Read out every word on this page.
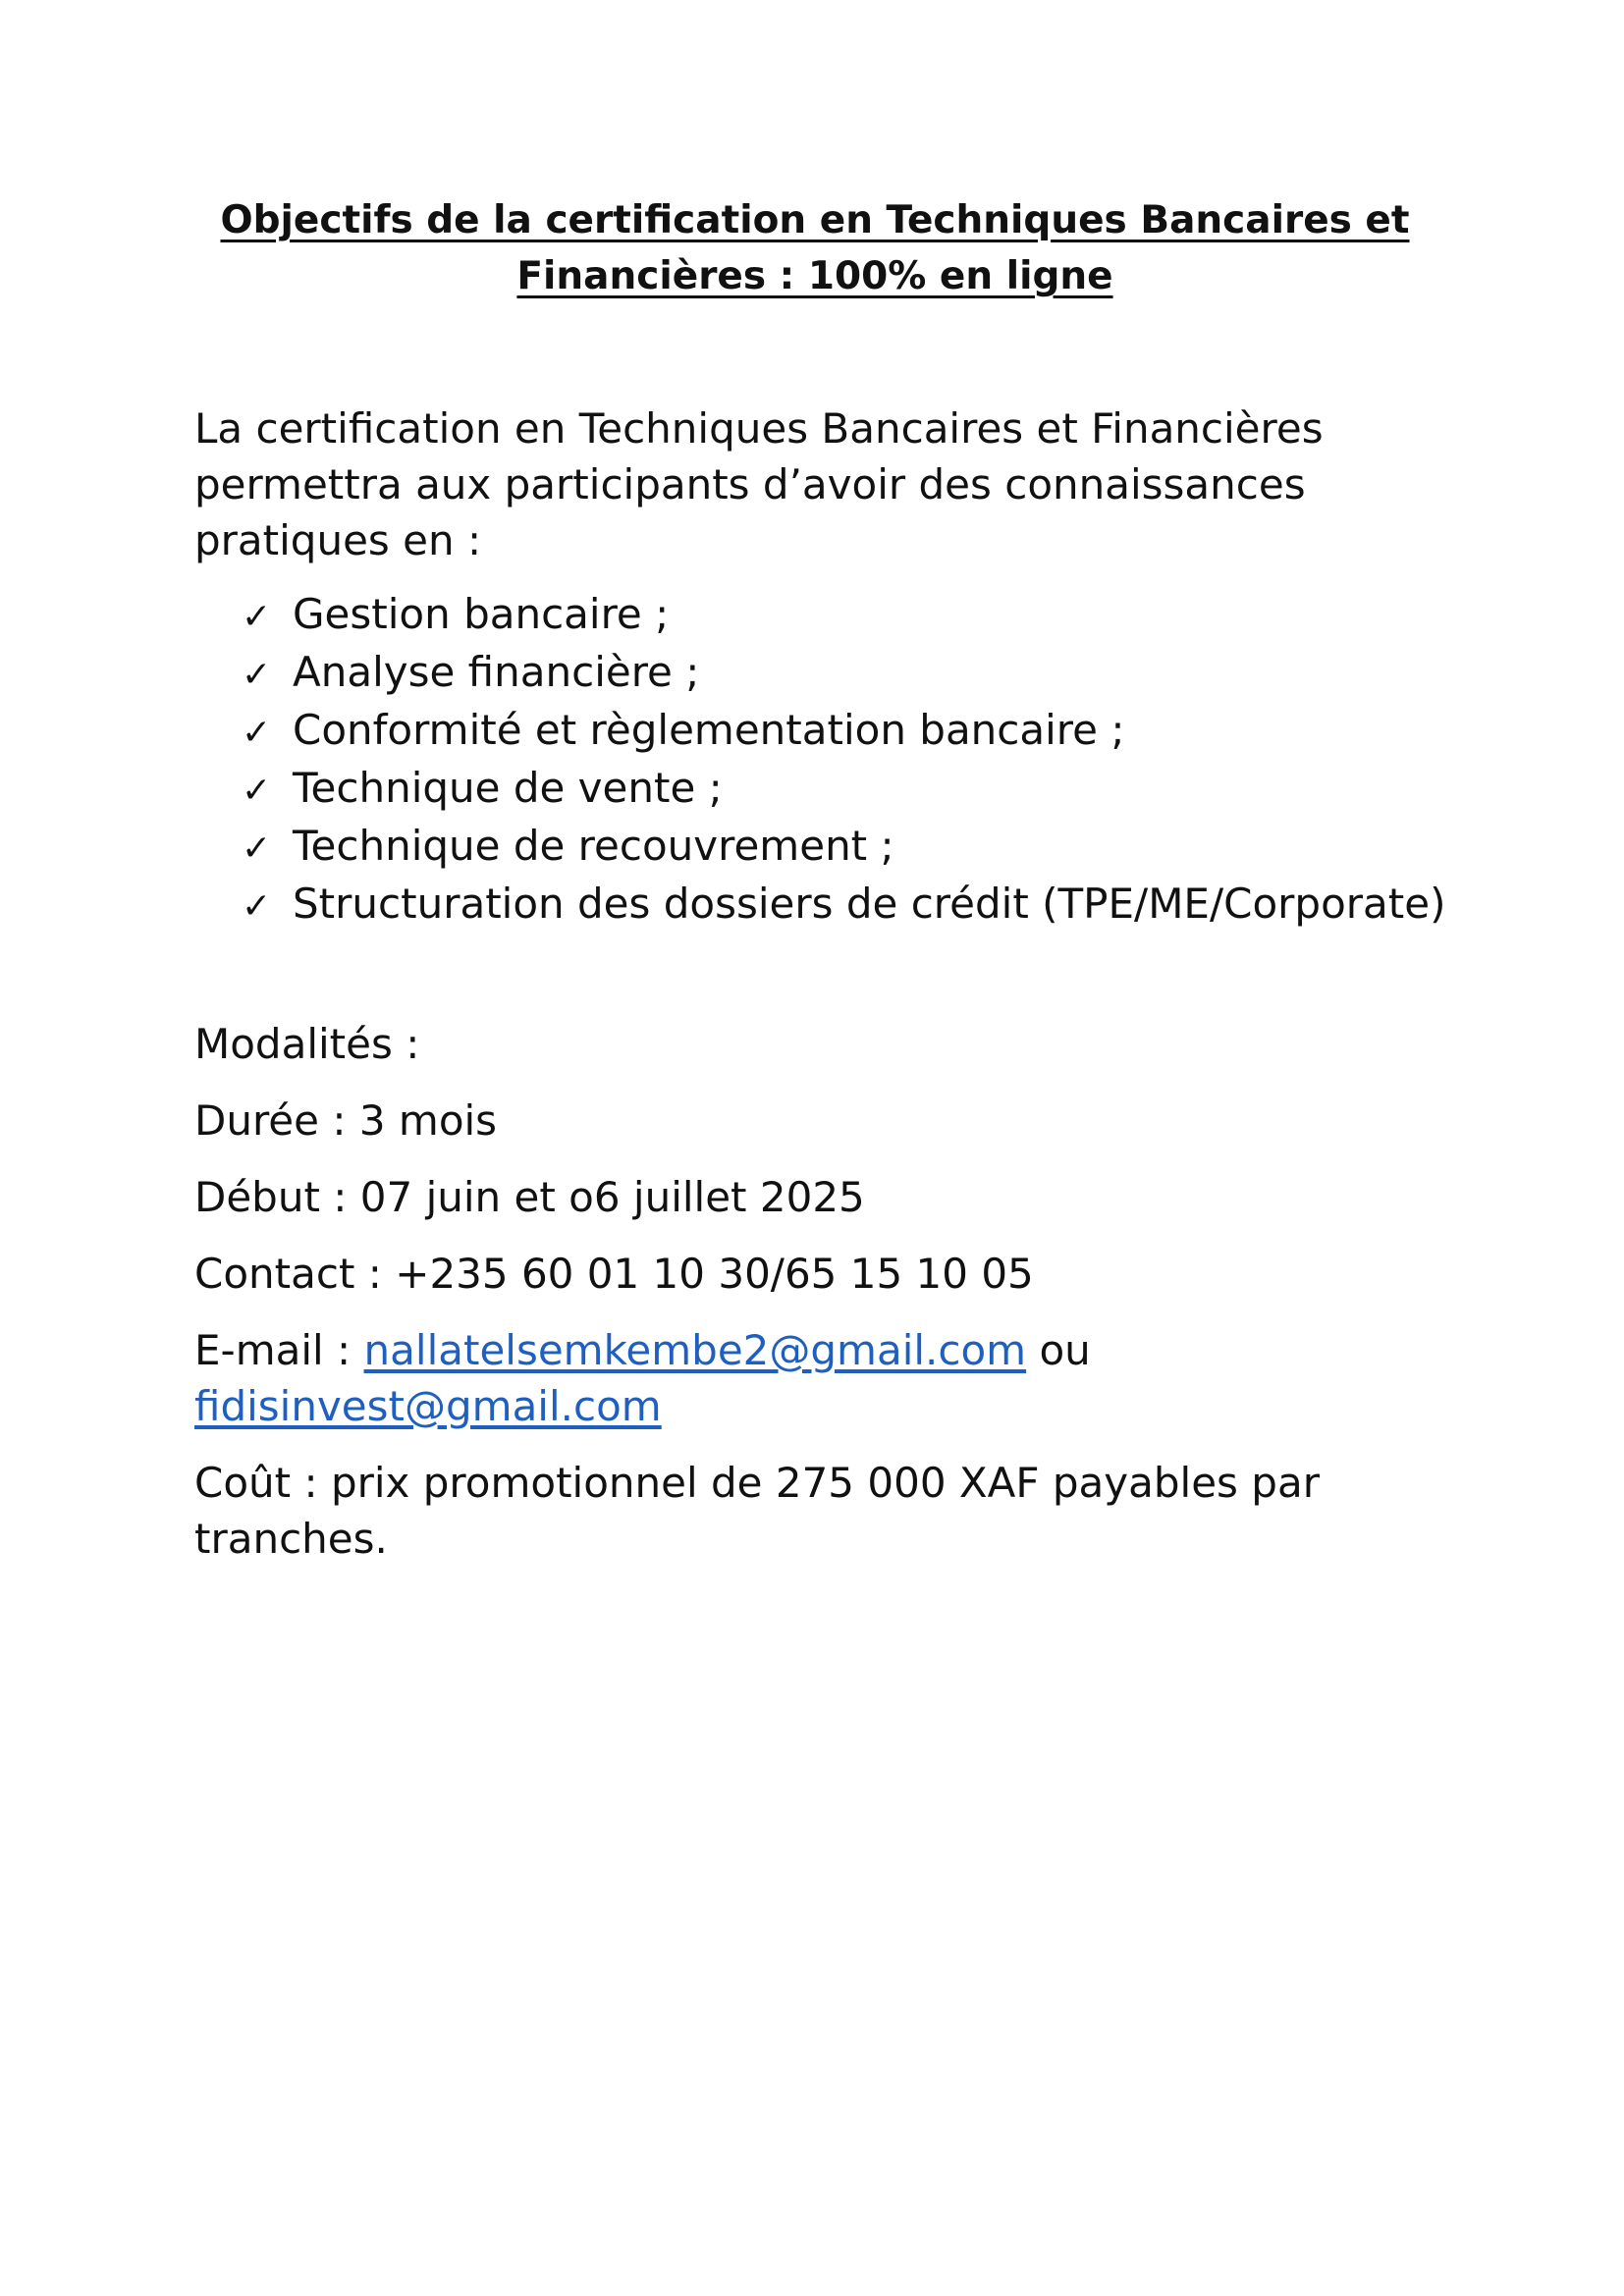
Objectifs de la certification en Techniques Bancaires et Financières : 100% en ligne

La certification en Techniques Bancaires et Financières permettra aux participants d’avoir des connaissances pratiques en :

✓ Gestion bancaire ;
✓ Analyse financière ;
✓ Conformité et règlementation bancaire ;
✓ Technique de vente ;
✓ Technique de recouvrement ;
✓ Structuration des dossiers de crédit (TPE/ME/Corporate)

Modalités :

Durée : 3 mois

Début : 07 juin et o6 juillet 2025

Contact : +235 60 01 10 30/65 15 10 05

E-mail : nallatelsemkembe2@gmail.com ou
fidisinvest@gmail.com

Coût : prix promotionnel de 275 000 XAF payables par tranches.
